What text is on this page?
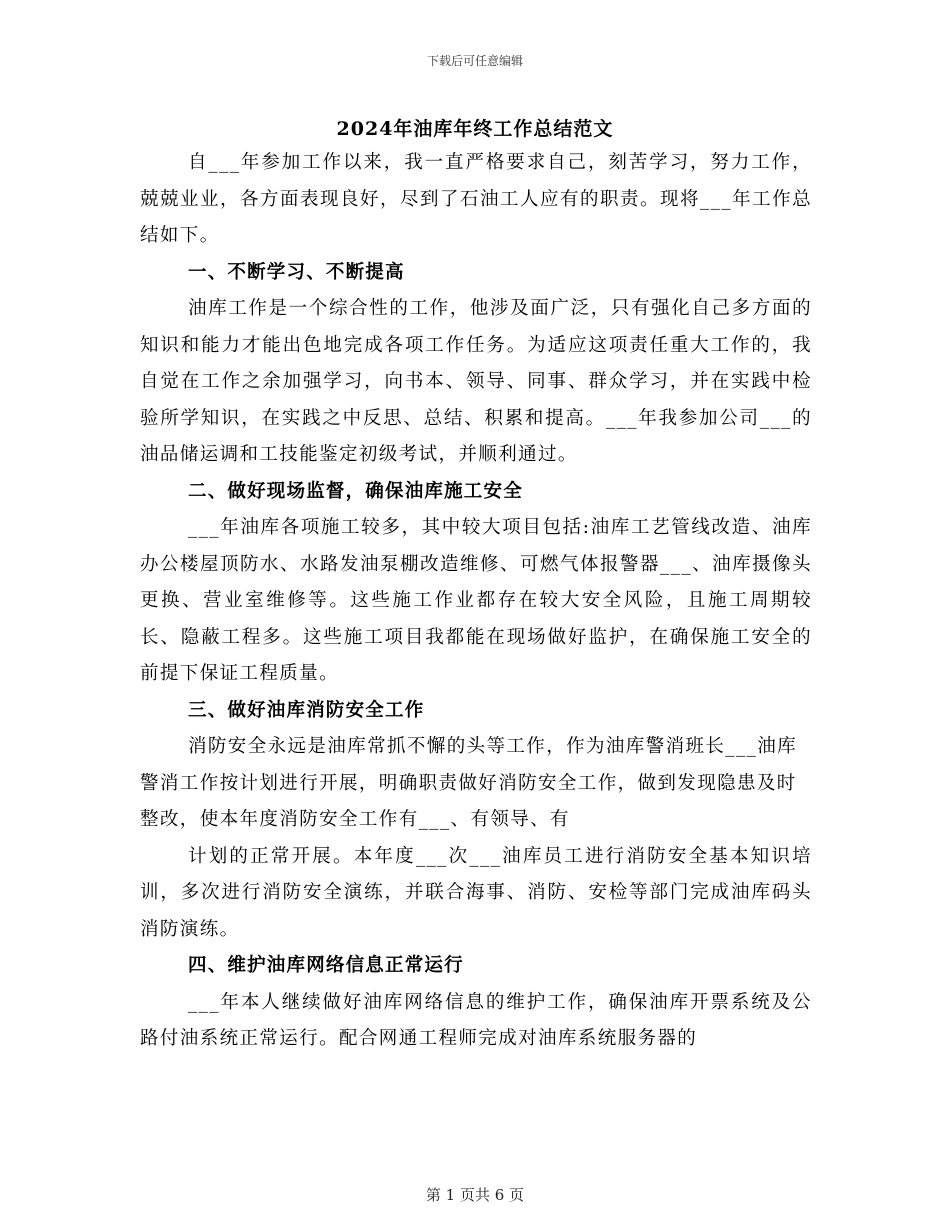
下载后可任意编辑
2024年油库年终工作总结范文

自___年参加工作以来，我一直严格要求自己，刻苦学习，努力工作，兢兢业业，各方面表现良好，尽到了石油工人应有的职责。现将___年工作总结如下。

一、不断学习、不断提高

油库工作是一个综合性的工作，他涉及面广泛，只有强化自己多方面的知识和能力才能出色地完成各项工作任务。为适应这项责任重大工作的，我自觉在工作之余加强学习，向书本、领导、同事、群众学习，并在实践中检验所学知识，在实践之中反思、总结、积累和提高。___年我参加公司___的油品储运调和工技能鉴定初级考试，并顺利通过。

二、做好现场监督，确保油库施工安全

___年油库各项施工较多，其中较大项目包括:油库工艺管线改造、油库办公楼屋顶防水、水路发油泵棚改造维修、可燃气体报警器___、油库摄像头更换、营业室维修等。这些施工作业都存在较大安全风险，且施工周期较长、隐蔽工程多。这些施工项目我都能在现场做好监护，在确保施工安全的前提下保证工程质量。

三、做好油库消防安全工作

消防安全永远是油库常抓不懈的头等工作，作为油库警消班长___油库警消工作按计划进行开展，明确职责做好消防安全工作，做到发现隐患及时整改，使本年度消防安全工作有___、有领导、有

计划的正常开展。本年度___次___油库员工进行消防安全基本知识培训，多次进行消防安全演练，并联合海事、消防、安检等部门完成油库码头消防演练。

四、维护油库网络信息正常运行

___年本人继续做好油库网络信息的维护工作，确保油库开票系统及公路付油系统正常运行。配合网通工程师完成对油库系统服务器的

第 1 页共 6 页
